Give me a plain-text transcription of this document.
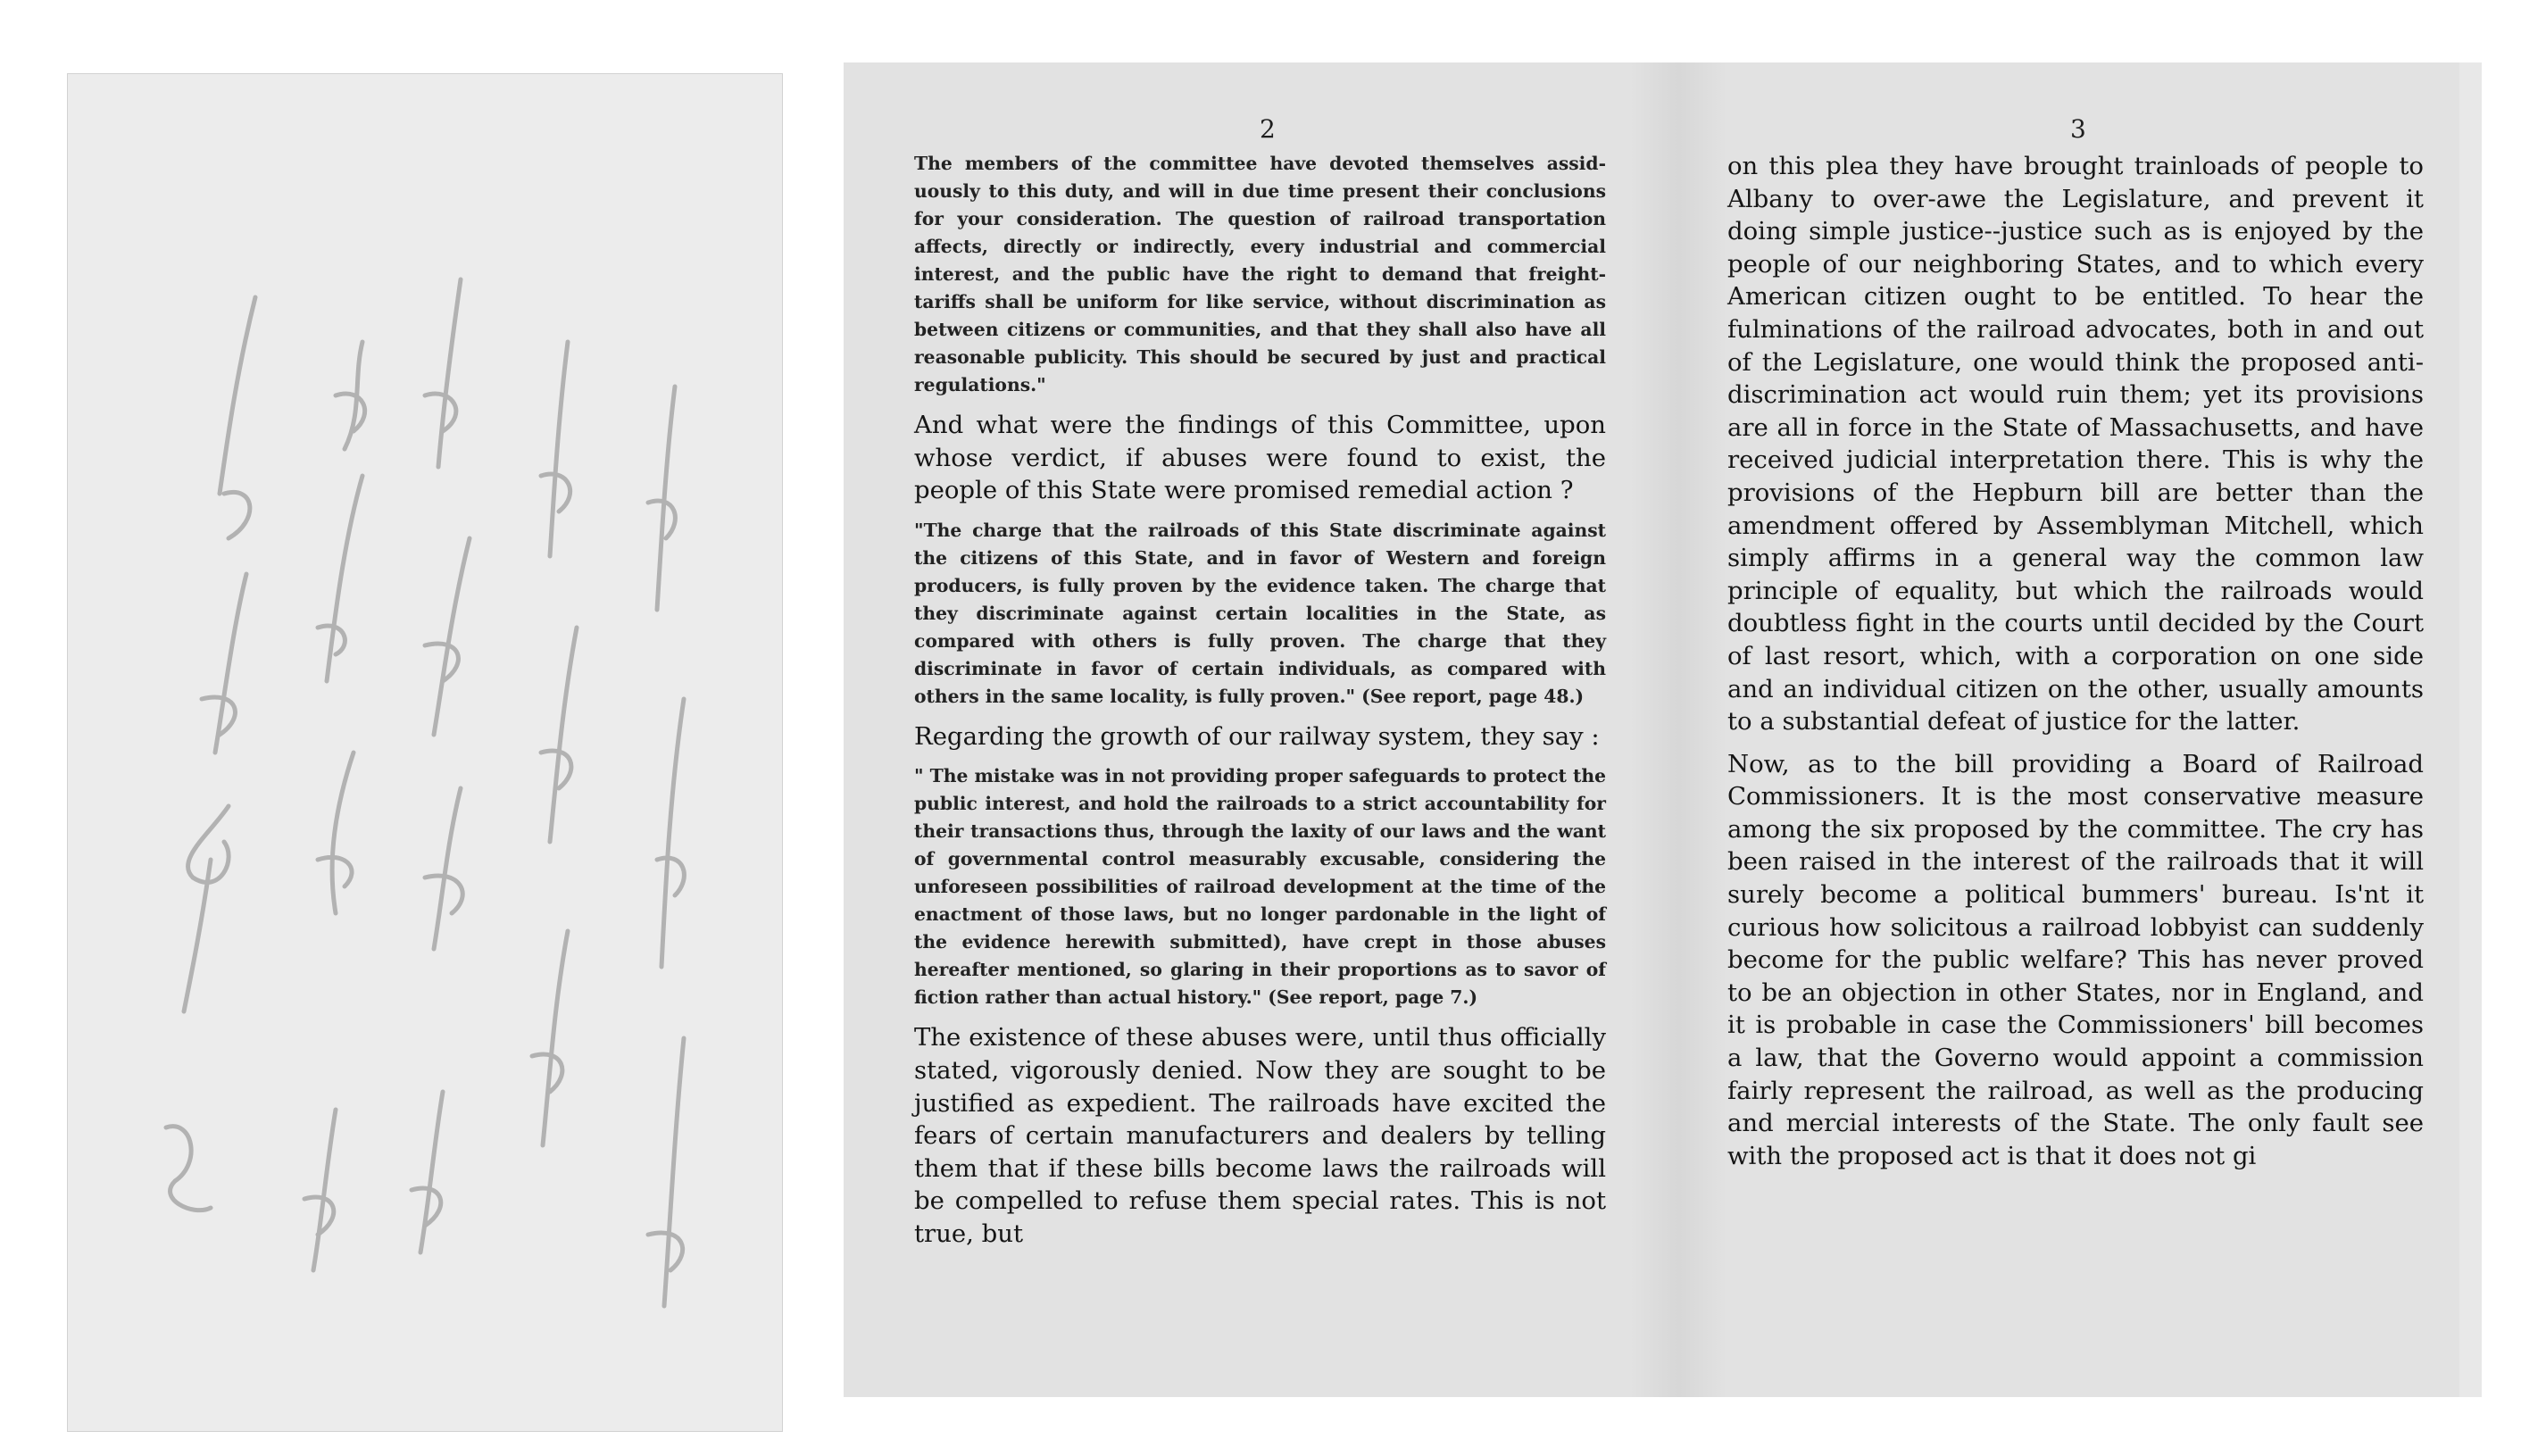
2	3

The members of the committee have devoted themselves assiduously to this duty, and will in due time present their conclusions for your consideration. The question of railroad transportation affects, directly or indirectly, every industrial and commercial interest, and the public have the right to demand that freight-tariffs shall be uniform for like service, without discrimination as between citizens or communities, and that they shall also have all reasonable publicity. This should be secured by just and practical regulations."

And what were the findings of this Committee, upon whose verdict, if abuses were found to exist, the people of this State were promised remedial action ?

"The charge that the railroads of this State discriminate against the citizens of this State, and in favor of Western and foreign producers, is fully proven by the evidence taken. The charge that they discriminate against certain localities in the State, as compared with others is fully proven. The charge that they discriminate in favor of certain individuals, as compared with others in the same locality, is fully proven." (See report, page 48.)

Regarding the growth of our railway system, they say :

" The mistake was in not providing proper safeguards to protect the public interest, and hold the railroads to a strict accountability for their transactions thus, through the laxity of our laws and the want of governmental control measurably excusable, considering the unforeseen possibilities of railroad development at the time of the enactment of those laws, but no longer pardonable in the light of the evidence herewith submitted), have crept in those abuses hereafter mentioned, so glaring in their proportions as to savor of fiction rather than actual history." (See report, page 7.)

The existence of these abuses were, until thus officially stated, vigorously denied. Now they are sought to be justified as expedient. The railroads have excited the fears of certain manufacturers and dealers by telling them that if these bills become laws the railroads will be compelled to refuse them special rates. This is not true, but

on this plea they have brought trainloads of people to Albany to over-awe the Legislature, and prevent it doing simple justice--justice such as is enjoyed by the people of our neighboring States, and to which every American citizen ought to be entitled. To hear the fulminations of the railroad advocates, both in and out of the Legislature, one would think the proposed anti-discrimination act would ruin them; yet its provisions are all in force in the State of Massachusetts, and have received judicial interpretation there. This is why the provisions of the Hepburn bill are better than the amendment offered by Assemblyman Mitchell, which simply affirms in a general way the common law principle of equality, but which the railroads would doubtless fight in the courts until decided by the Court of last resort, which, with a corporation on one side and an individual citizen on the other, usually amounts to a substantial defeat of justice for the latter.

Now, as to the bill providing a Board of Railroad Commissioners. It is the most conservative measure among the six proposed by the committee. The cry has been raised in the interest of the railroads that it will surely become a political bummers' bureau. Is'nt it curious how solicitous a railroad lobbyist can suddenly become for the public welfare? This has never proved to be an objection in other States, nor in England, and it is probable in case the Commissioners' bill becomes a law, that the Governo would appoint a commission fairly represent the railroad, as well as the producing and mercial interests of the State. The only fault see with the proposed act is that it does not gi
